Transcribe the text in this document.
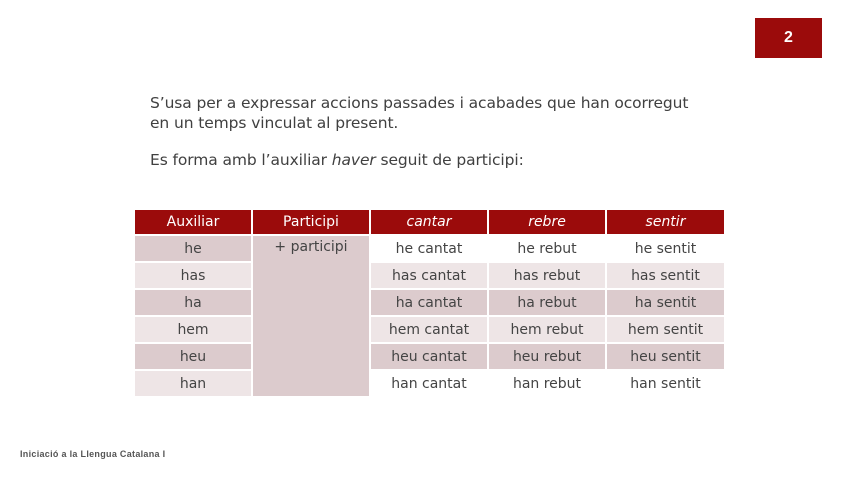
2

S’usa per a expressar accions passades i acabades que han ocorregut en un temps vinculat al present.

Es forma amb l’auxiliar haver seguit de participi:

Auxiliar	Participi	cantar	rebre	sentir
he	+ participi	he cantat	he rebut	he sentit
has		has cantat	has rebut	has sentit
ha		ha cantat	ha rebut	ha sentit
hem		hem cantat	hem rebut	hem sentit
heu		heu cantat	heu rebut	heu sentit
han		han cantat	han rebut	han sentit
Iniciació a la Llengua Catalana I
